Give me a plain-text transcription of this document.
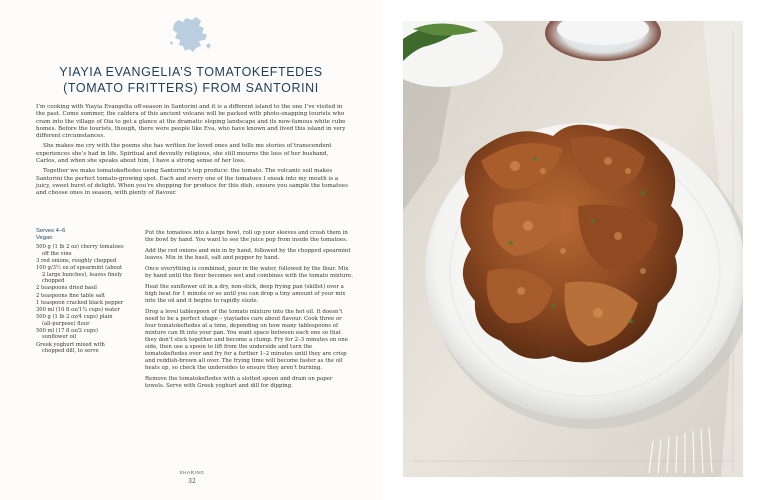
YIAYIA EVANGELIA’S TOMATOKEFTEDES
(TOMATO FRITTERS) FROM SANTORINI

I’m cooking with Yiayia Evangelia off-season in Santorini and it is a different island to the one I’ve visited in the past. Come summer, the caldera of this ancient volcano will be packed with photo-snapping tourists who cram into the village of Oia to get a glance at the dramatic sloping landscape and its now-famous white cube homes. Before the tourists, though, there were people like Eva, who have known and lived this island in very different circumstances.

She makes me cry with the poems she has written for loved ones and tells me stories of transcendent experiences she’s had in life. Spiritual and devoutly religious, she still mourns the loss of her husband, Carlos, and when she speaks about him, I have a strong sense of her loss.

Together we make tomatokeftedes using Santorini’s top produce: the tomato. The volcanic soil makes Santorini the perfect tomato-growing spot. Each and every one of the tomatoes I sneak into my mouth is a juicy, sweet burst of delight. When you’re shopping for produce for this dish, ensure you sample the tomatoes and choose ones in season, with plenty of flavour.

Serves 4–6
Vegan
500 g (1 lb 2 oz) cherry tomatoes off the vine
3 red onions, roughly chopped
100 g/3½ oz of spearmint (about 2 large bunches), leaves finely chopped
2 teaspoons dried basil
2 teaspoons fine table salt
1 teaspoon cracked black pepper
300 ml (10 fl oz/1¼ cups) water
500 g (1 lb 2 oz/4 cups) plain (all-purpose) flour
500 ml (17 fl oz/2 cups) sunflower oil
Greek yoghurt mixed with chopped dill, to serve

Put the tomatoes into a large bowl, roll up your sleeves and crush them in the bowl by hand. You want to see the juice pop from inside the tomatoes.

Add the red onions and mix in by hand, followed by the chopped spearmint leaves. Mix in the basil, salt and pepper by hand.

Once everything is combined, pour in the water, followed by the flour. Mix by hand until the flour becomes wet and combines with the tomato mixture.

Heat the sunflower oil in a dry, non-stick, deep frying pan (skillet) over a high heat for 1 minute or so until you can drop a tiny amount of your mix into the oil and it begins to rapidly sizzle.

Drop a level tablespoon of the tomato mixture into the hot oil. It doesn’t need to be a perfect shape – yiayiades care about flavour. Cook three or four tomatokeftedes at a time, depending on how many tablespoons of mixture can fit into your pan. You want space between each one so that they don’t stick together and become a clump. Fry for 2–3 minutes on one side, then use a spoon to lift from the underside and turn the tomatokeftedes over and fry for a further 1–2 minutes until they are crisp and reddish-brown all over. The frying time will become faster as the oil heats up, so check the undersides to ensure they aren’t burning.

Remove the tomatokeftedes with a slotted spoon and drain on paper towels. Serve with Greek yoghurt and dill for dipping.

SHARING
32
